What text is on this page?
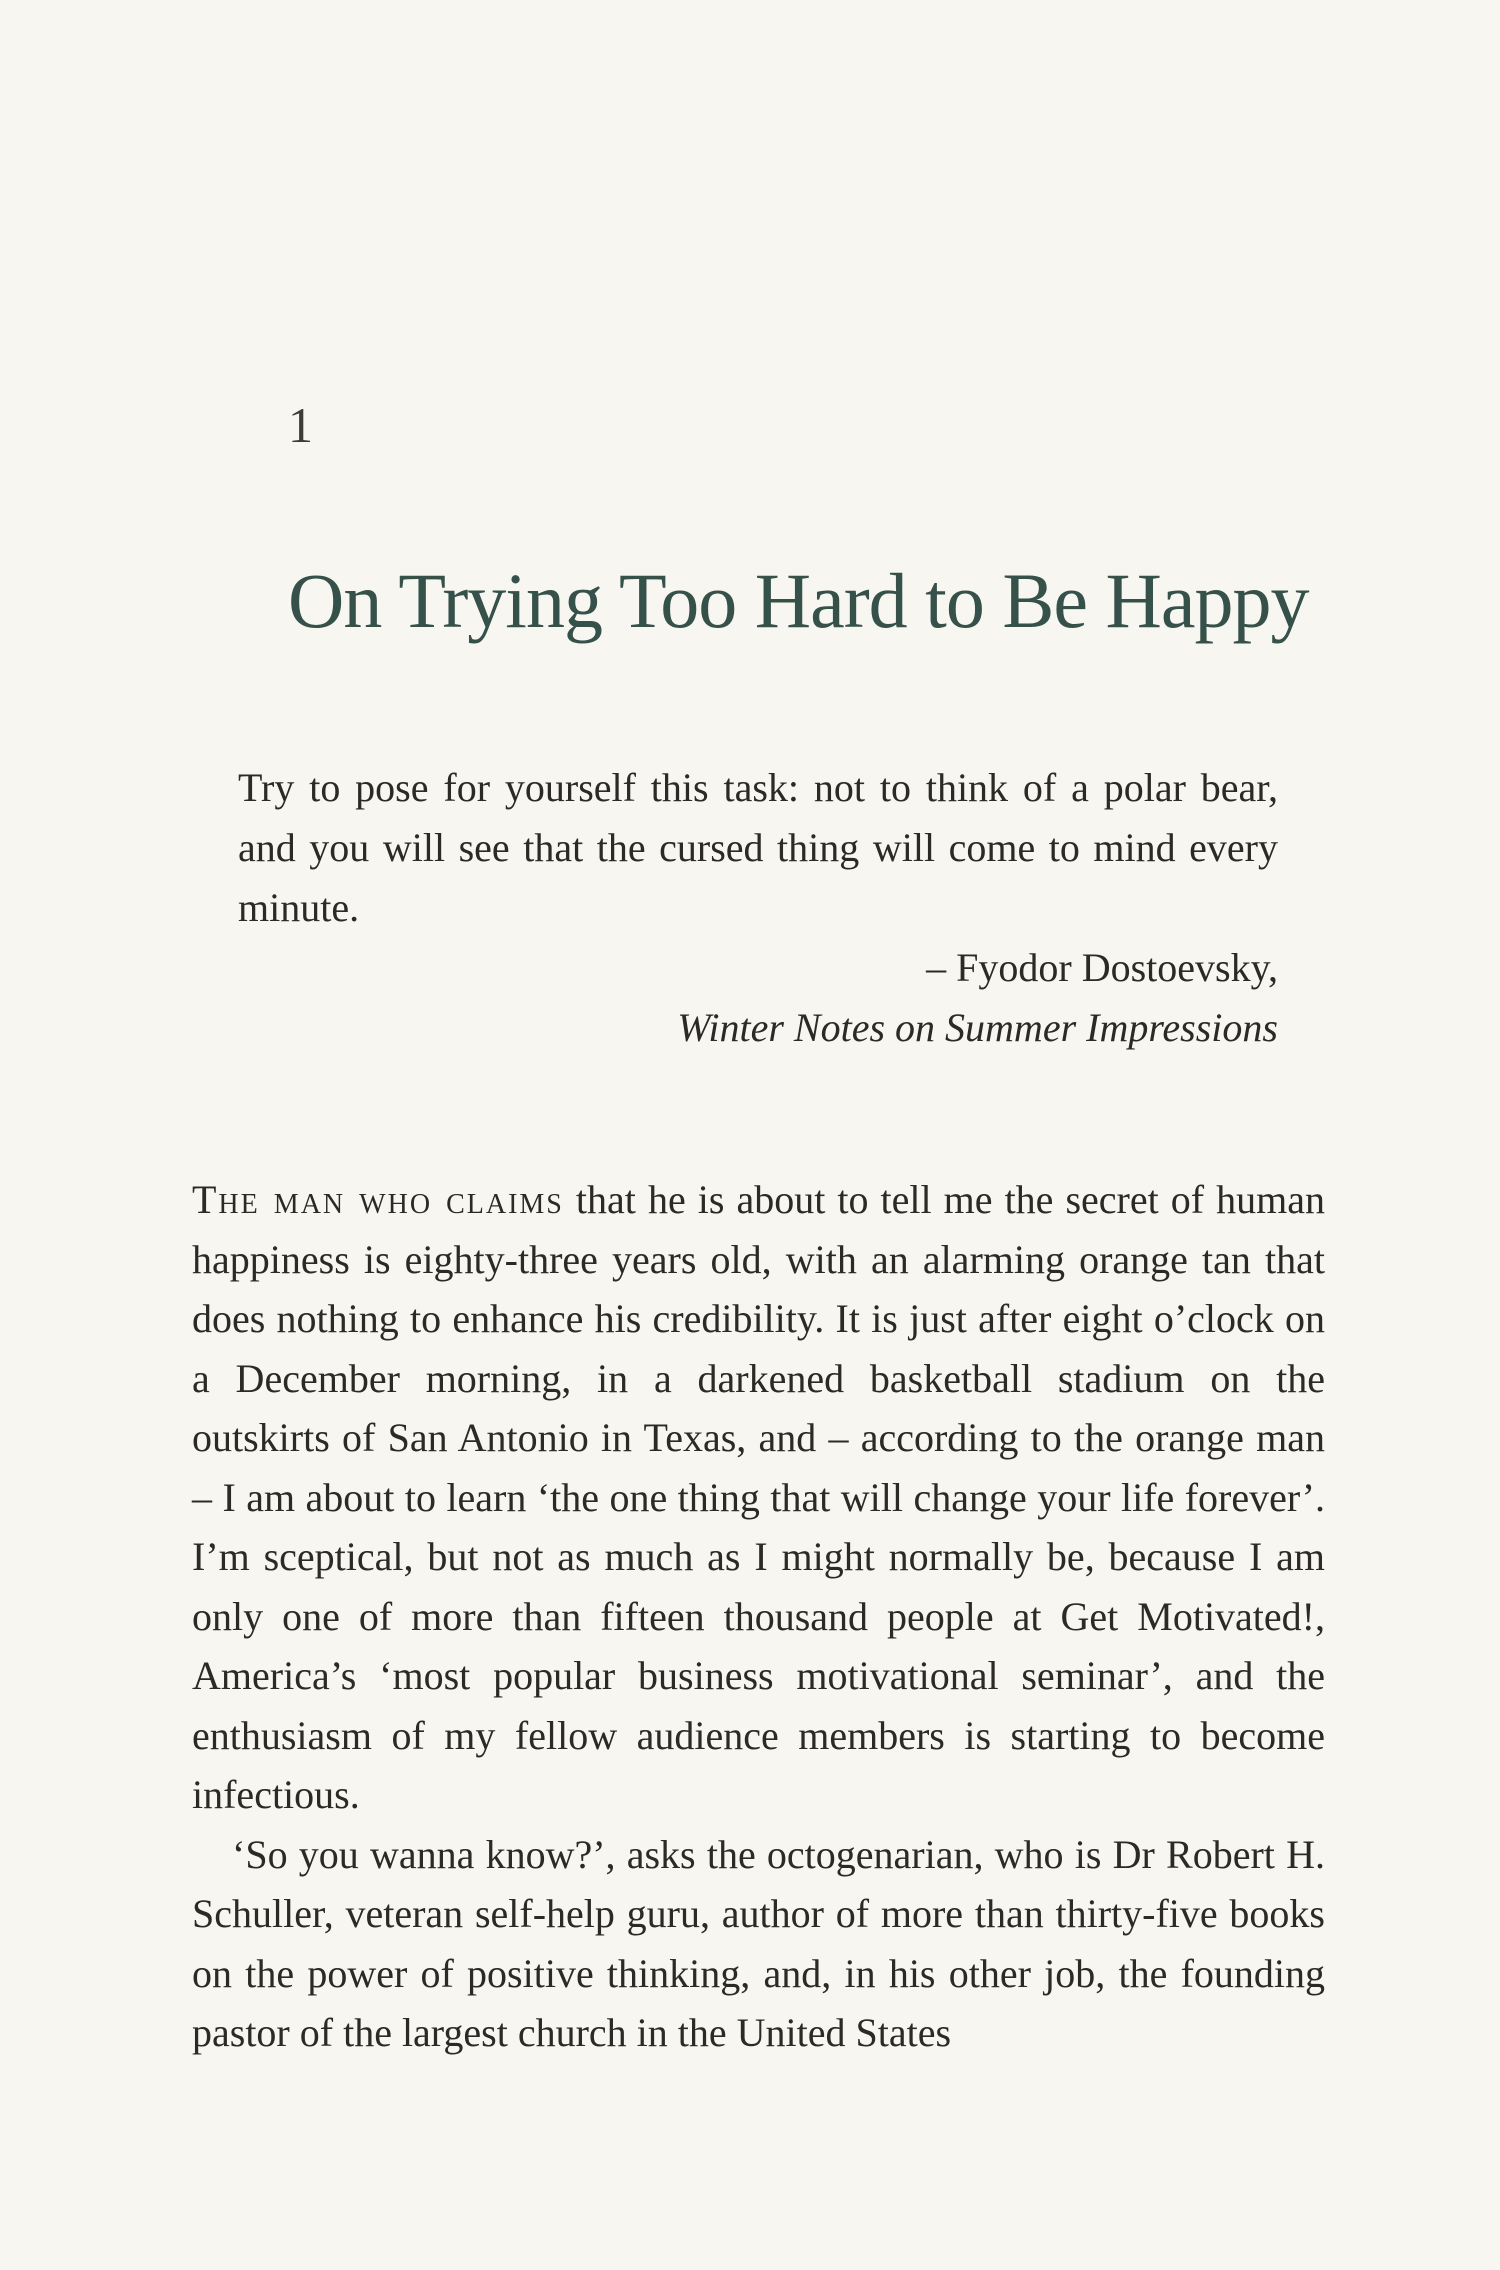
1
On Trying Too Hard to Be Happy

Try to pose for yourself this task: not to think of a polar bear, and you will see that the cursed thing will come to mind every minute.

– Fyodor Dostoevsky,

Winter Notes on Summer Impressions

The man who claims that he is about to tell me the secret of human happiness is eighty-three years old, with an alarming orange tan that does nothing to enhance his credibility. It is just after eight o’clock on a December morning, in a darkened basketball stadium on the outskirts of San Antonio in Texas, and – according to the orange man – I am about to learn ‘the one thing that will change your life forever’. I’m sceptical, but not as much as I might normally be, because I am only one of more than fifteen thousand people at Get Motivated!, America’s ‘most popular business motivational seminar’, and the enthusiasm of my fellow audience members is starting to become infectious.

‘So you wanna know?’, asks the octogenarian, who is Dr Robert H. Schuller, veteran self-help guru, author of more than thirty-five books on the power of positive thinking, and, in his other job, the founding pastor of the largest church in the United States
